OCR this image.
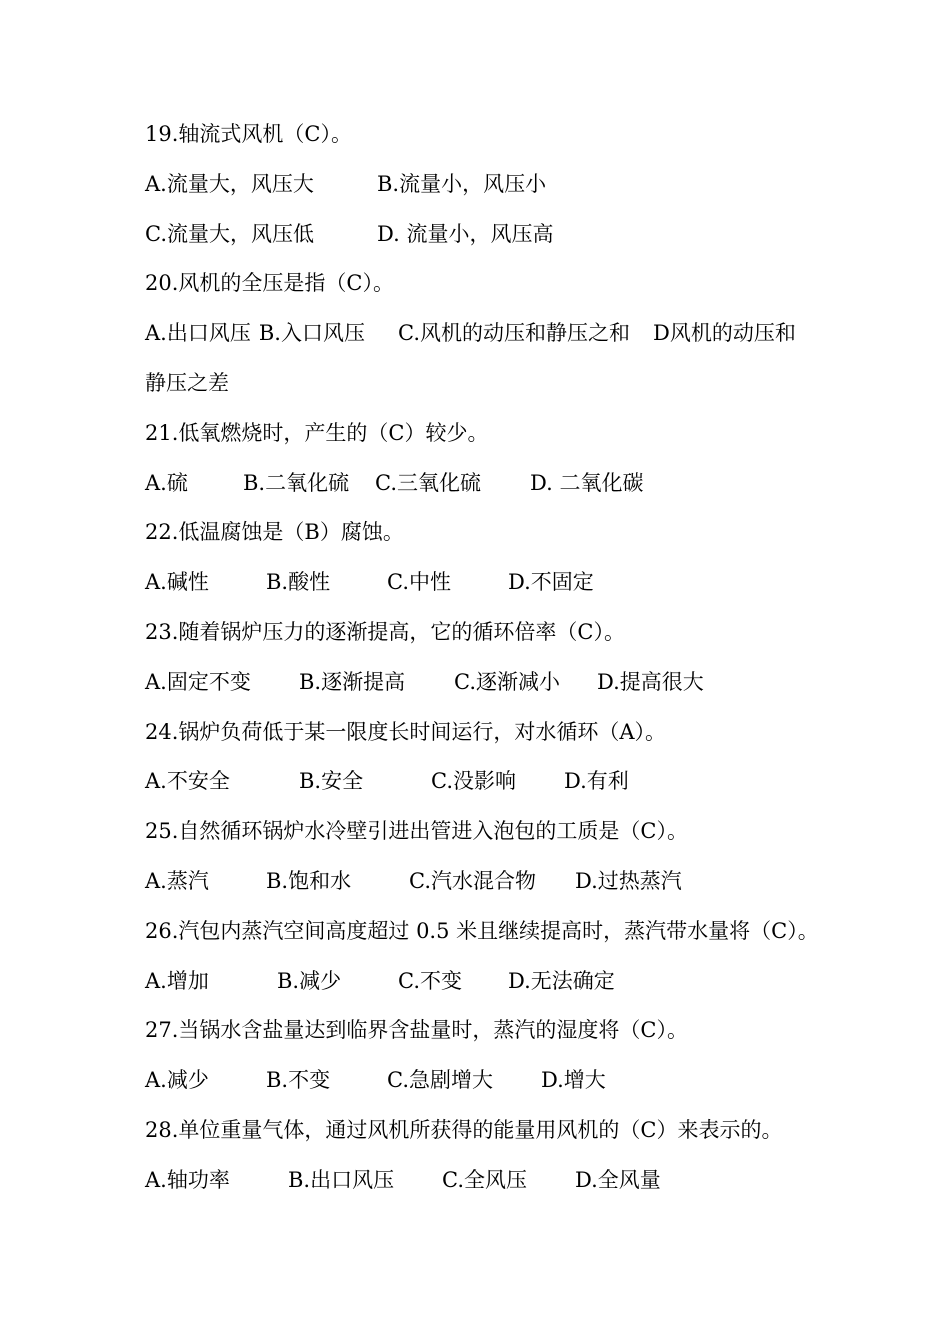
19.轴流式风机（C）。
A.流量大，风压大	B.流量小，风压小
C.流量大，风压低	D. 流量小，风压高
20.风机的全压是指（C）。
A.出口风压 B.入口风压 C.风机的动压和静压之和 D风机的动压和
静压之差
21.低氧燃烧时，产生的（C）较少。
A.硫	B.二氧化硫 C.三氧化硫 D. 二氧化碳
22.低温腐蚀是（B）腐蚀。
A.碱性	B.酸性	C.中性	D.不固定
23.随着锅炉压力的逐渐提高，它的循环倍率（C）。
A.固定不变 B.逐渐提高 C.逐渐减小 D.提高很大
24.锅炉负荷低于某一限度长时间运行，对水循环（A）。
A.不安全	B.安全	C.没影响 D.有利
25.自然循环锅炉水冷壁引进出管进入泡包的工质是（C）。
A.蒸汽	B.饱和水	C.汽水混合物 D.过热蒸汽
26.汽包内蒸汽空间高度超过 0.5 米且继续提高时，蒸汽带水量将（C）。
A.增加	B.减少	C.不变 D.无法确定
27.当锅水含盐量达到临界含盐量时，蒸汽的湿度将（C）。
A.减少	B.不变	C.急剧增大 D.增大
28.单位重量气体，通过风机所获得的能量用风机的（C）来表示的。
A.轴功率	B.出口风压 C.全风压 D.全风量
